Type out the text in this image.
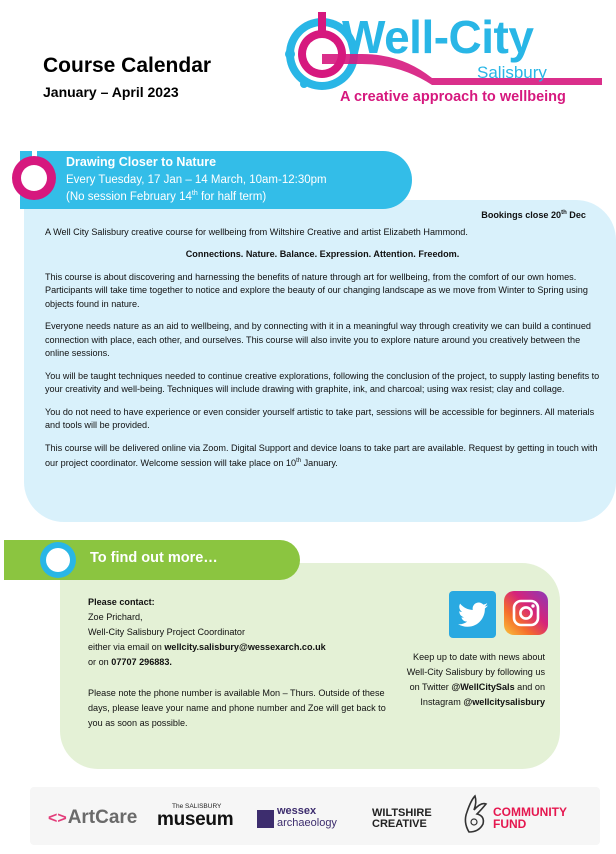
Course Calendar
January – April 2023
Well-City
Salisbury
A creative approach to wellbeing
Drawing Closer to Nature
Every Tuesday, 17 Jan – 14 March, 10am-12:30pm
(No session February 14th for half term)

Bookings close 20th Dec

A Well City Salisbury creative course for wellbeing from Wiltshire Creative and artist Elizabeth Hammond.

Connections. Nature. Balance. Expression. Attention. Freedom.

This course is about discovering and harnessing the benefits of nature through art for wellbeing, from the comfort of our own homes. Participants will take time together to notice and explore the beauty of our changing landscape as we move from Winter to Spring using objects found in nature.

Everyone needs nature as an aid to wellbeing, and by connecting with it in a meaningful way through creativity we can build a continued connection with place, each other, and ourselves. This course will also invite you to explore nature around you creatively between the online sessions.

You will be taught techniques needed to continue creative explorations, following the conclusion of the project, to supply lasting benefits to your creativity and well-being. Techniques will include drawing with graphite, ink, and charcoal; using wax resist; clay and collage.

You do not need to have experience or even consider yourself artistic to take part, sessions will be accessible for beginners. All materials and tools will be provided.

This course will be delivered online via Zoom. Digital Support and device loans to take part are available. Request by getting in touch with our project coordinator. Welcome session will take place on 10th January.

To find out more…
Please contact:
Zoe Prichard,
Well-City Salisbury Project Coordinator
either via email on wellcity.salisbury@wessexarch.co.uk
or on 07707 296883.
Please note the phone number is available Mon – Thurs. Outside of these days, please leave your name and phone number and Zoe will get back to you as soon as possible.
Keep up to date with news about Well-City Salisbury by following us on Twitter @WellCitySals and on Instagram @wellcitysalisbury
<>ArtCare
The SALISBURY
museum	wessex
archaeology
WILTSHIRE
CREATIVE
COMMUNITY
FUND
